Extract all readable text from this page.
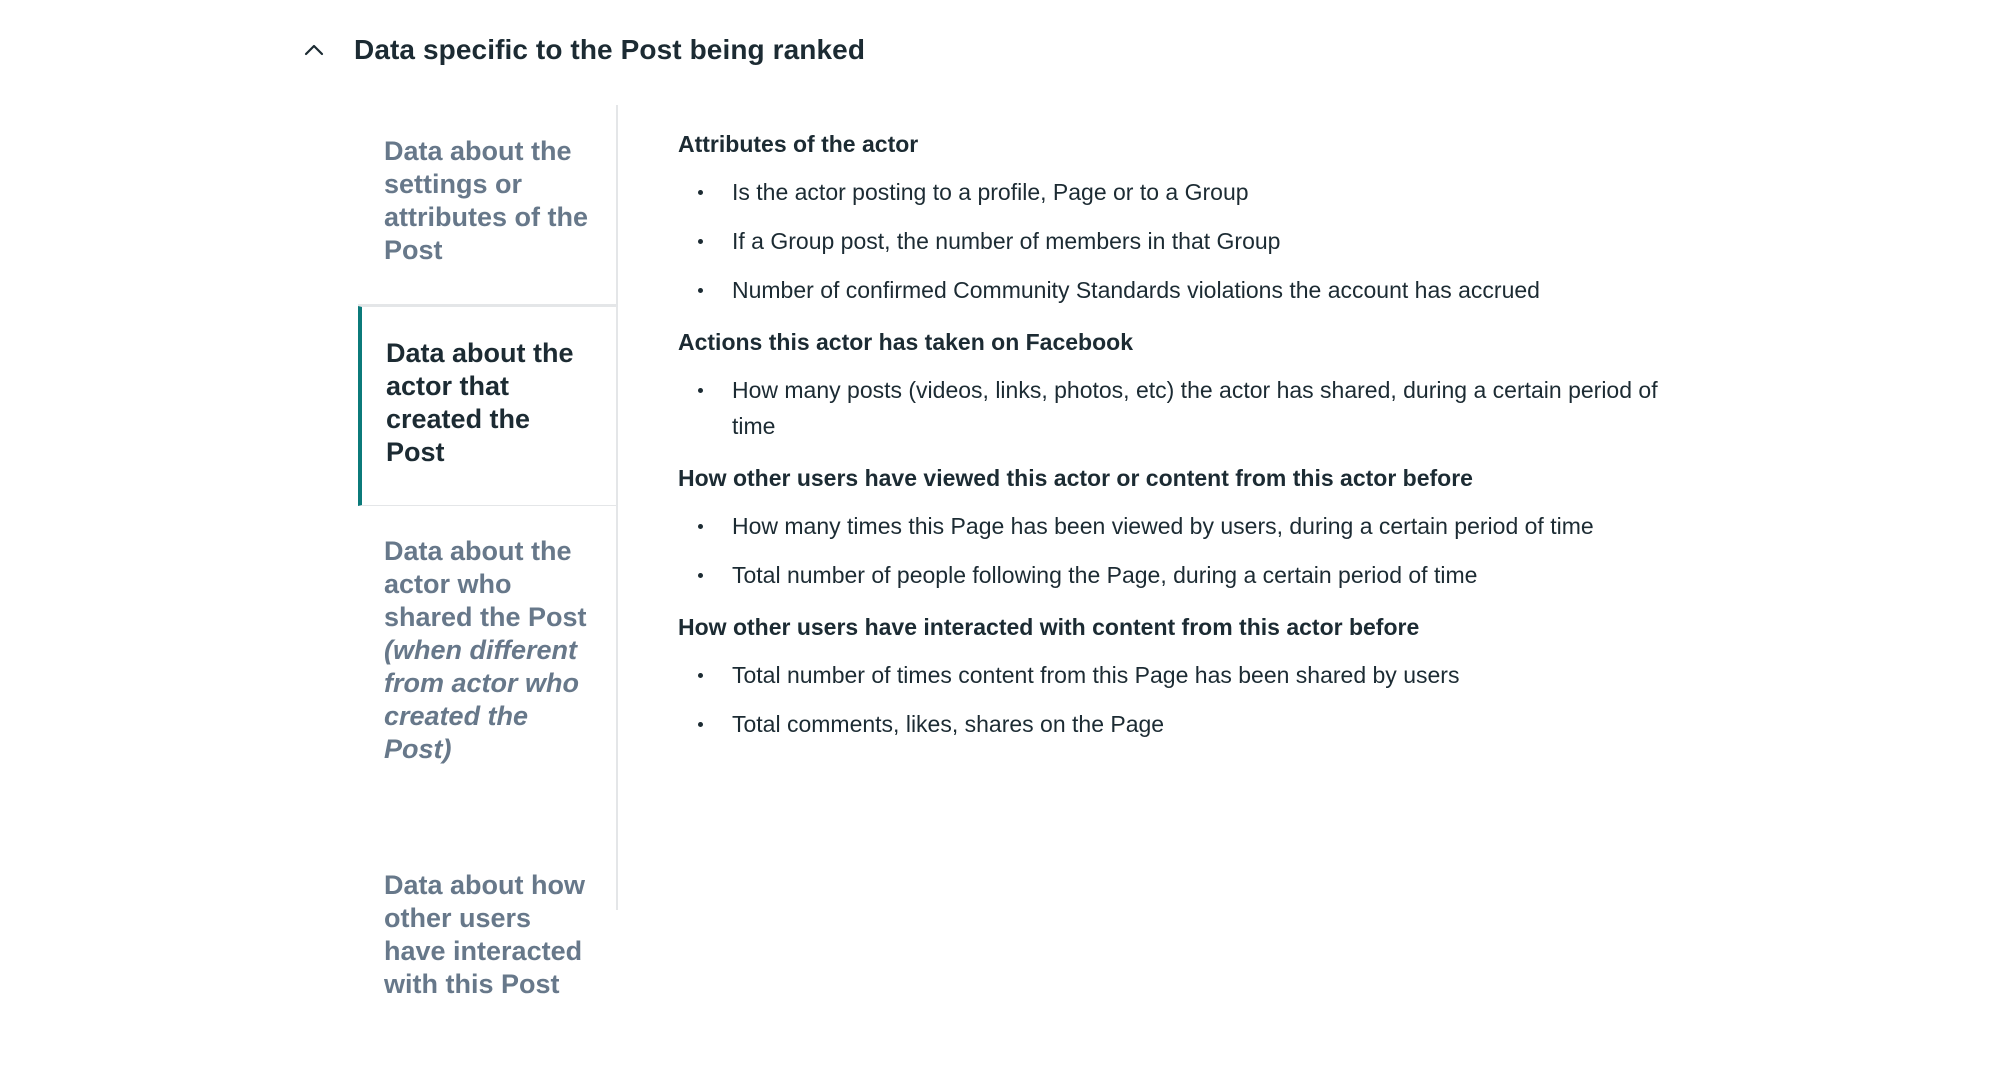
Data specific to the Post being ranked
Data about the settings or attributes of the Post
Data about the actor that created the Post
Data about the actor who shared the Post (when different from actor who created the Post)
Data about how other users have interacted with this Post
Attributes of the actor
Is the actor posting to a profile, Page or to a Group
If a Group post, the number of members in that Group
Number of confirmed Community Standards violations the account has accrued
Actions this actor has taken on Facebook
How many posts (videos, links, photos, etc) the actor has shared, during a certain period of time
How other users have viewed this actor or content from this actor before
How many times this Page has been viewed by users, during a certain period of time
Total number of people following the Page, during a certain period of time
How other users have interacted with content from this actor before
Total number of times content from this Page has been shared by users
Total comments, likes, shares on the Page
